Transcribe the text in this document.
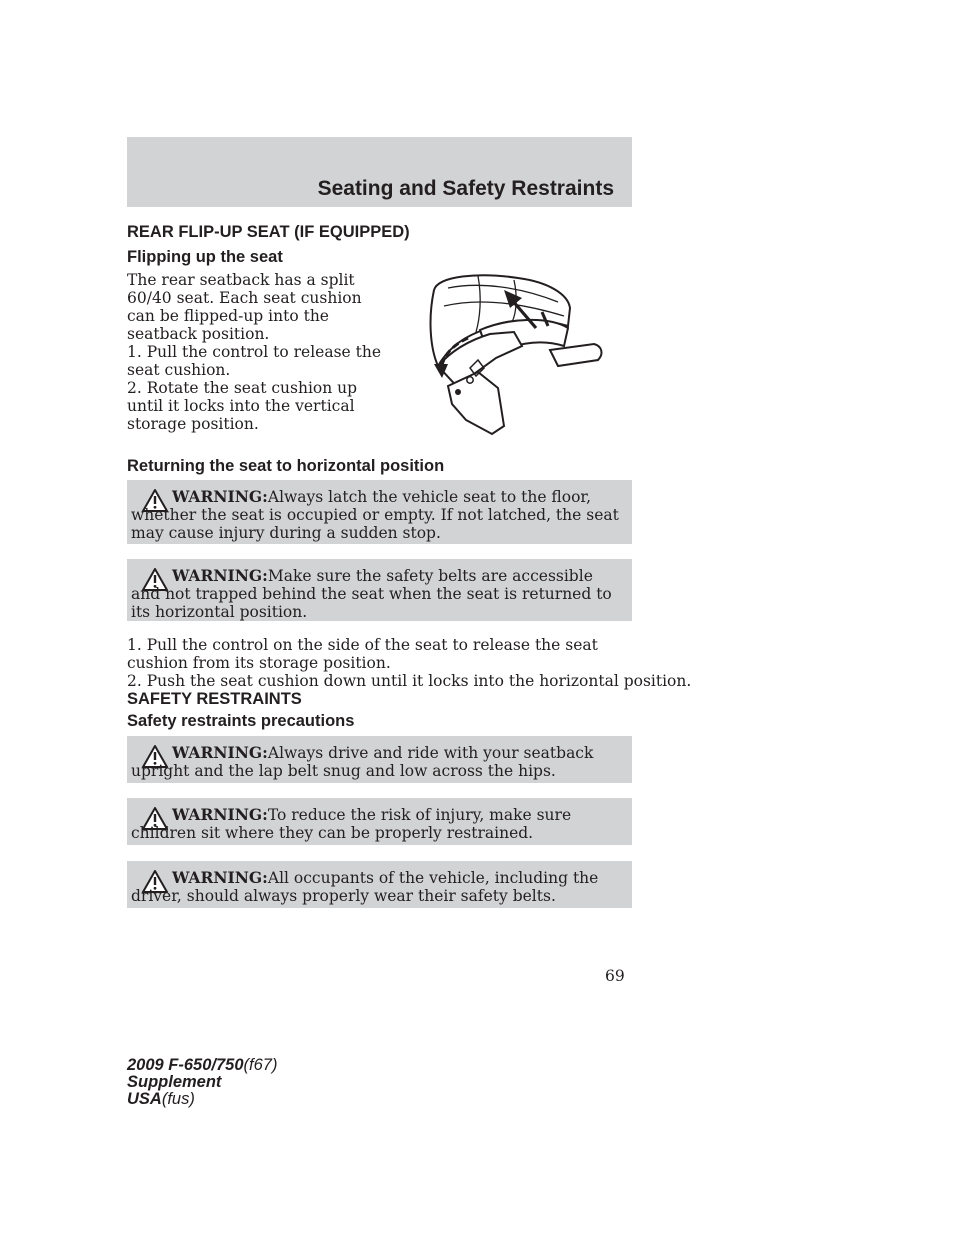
Seating and Safety Restraints
REAR FLIP-UP SEAT (IF EQUIPPED)
Flipping up the seat
The rear seatback has a split 60/40 seat. Each seat cushion can be flipped-up into the seatback position.
1. Pull the control to release the seat cushion.
2. Rotate the seat cushion up until it locks into the vertical storage position.
Returning the seat to horizontal position
WARNING:Always latch the vehicle seat to the floor, whether the seat is occupied or empty. If not latched, the seat may cause injury during a sudden stop.
WARNING:Make sure the safety belts are accessible and not trapped behind the seat when the seat is returned to its horizontal position.
1. Pull the control on the side of the seat to release the seat cushion from its storage position.
2. Push the seat cushion down until it locks into the horizontal position.
SAFETY RESTRAINTS
Safety restraints precautions
WARNING:Always drive and ride with your seatback upright and the lap belt snug and low across the hips.
WARNING:To reduce the risk of injury, make sure children sit where they can be properly restrained.
WARNING:All occupants of the vehicle, including the driver, should always properly wear their safety belts.
69
2009 F-650/750(f67)
Supplement
USA(fus)
